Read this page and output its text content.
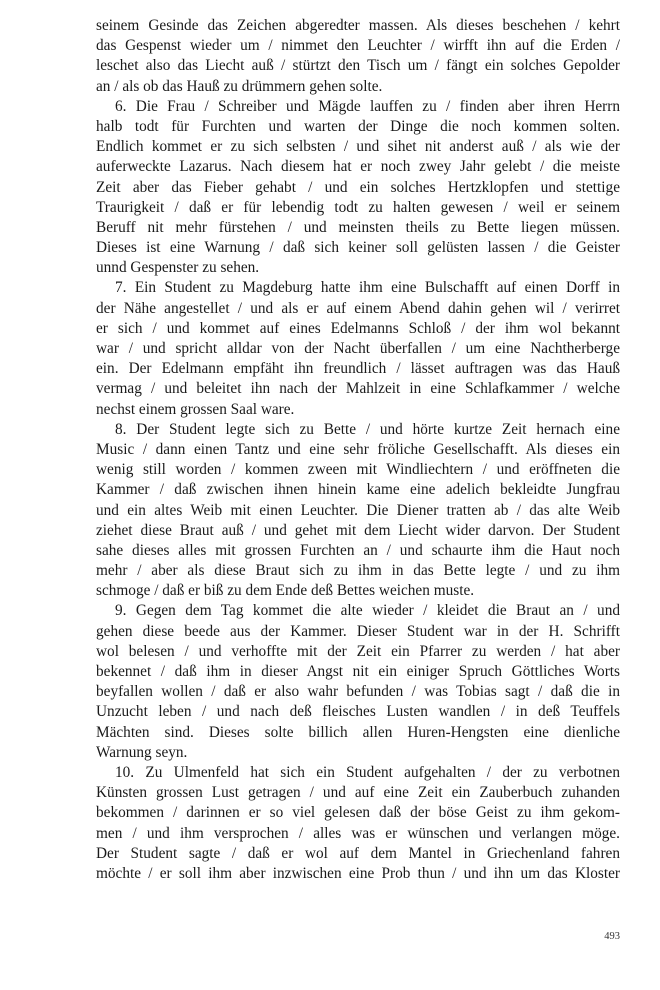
seinem Gesinde das Zeichen abgeredter massen. Als dieses beschehen / kehrt
das Gespenst wieder um / nimmet den Leuchter / wirfft ihn auf die Erden /
leschet also das Liecht auß / stürtzt den Tisch um / fängt ein solches Gepolder
an / als ob das Hauß zu drümmern gehen solte.
6. Die Frau / Schreiber und Mägde lauffen zu / finden aber ihren Herrn
halb todt für Furchten und warten der Dinge die noch kommen solten.
Endlich kommet er zu sich selbsten / und sihet nit anderst auß / als wie der
auferweckte Lazarus. Nach diesem hat er noch zwey Jahr gelebt / die meiste
Zeit aber das Fieber gehabt / und ein solches Hertzklopfen und stettige
Traurigkeit / daß er für lebendig todt zu halten gewesen / weil er seinem
Beruff nit mehr fürstehen / und meinsten theils zu Bette liegen müssen.
Dieses ist eine Warnung / daß sich keiner soll gelüsten lassen / die Geister
unnd Gespenster zu sehen.
7. Ein Student zu Magdeburg hatte ihm eine Bulschafft auf einen Dorff in
der Nähe angestellet / und als er auf einem Abend dahin gehen wil / verirret
er sich / und kommet auf eines Edelmanns Schloß / der ihm wol bekannt
war / und spricht alldar von der Nacht überfallen / um eine Nachtherberge
ein. Der Edelmann empfäht ihn freundlich / lässet auftragen was das Hauß
vermag / und beleitet ihn nach der Mahlzeit in eine Schlafkammer / welche
nechst einem grossen Saal ware.
8. Der Student legte sich zu Bette / und hörte kurtze Zeit hernach eine
Music / dann einen Tantz und eine sehr fröliche Gesellschafft. Als dieses ein
wenig still worden / kommen zween mit Windliechtern / und eröffneten die
Kammer / daß zwischen ihnen hinein kame eine adelich bekleidte Jungfrau
und ein altes Weib mit einen Leuchter. Die Diener tratten ab / das alte Weib
ziehet diese Braut auß / und gehet mit dem Liecht wider darvon. Der Student
sahe dieses alles mit grossen Furchten an / und schaurte ihm die Haut noch
mehr / aber als diese Braut sich zu ihm in das Bette legte / und zu ihm
schmoge / daß er biß zu dem Ende deß Bettes weichen muste.
9. Gegen dem Tag kommet die alte wieder / kleidet die Braut an / und
gehen diese beede aus der Kammer. Dieser Student war in der H. Schrifft
wol belesen / und verhoffte mit der Zeit ein Pfarrer zu werden / hat aber
bekennet / daß ihm in dieser Angst nit ein einiger Spruch Göttliches Worts
beyfallen wollen / daß er also wahr befunden / was Tobias sagt / daß die in
Unzucht leben / und nach deß fleisches Lusten wandlen / in deß Teuffels
Mächten sind. Dieses solte billich allen Huren-Hengsten eine dienliche
Warnung seyn.
10. Zu Ulmenfeld hat sich ein Student aufgehalten / der zu verbotnen
Künsten grossen Lust getragen / und auf eine Zeit ein Zauberbuch zuhanden
bekommen / darinnen er so viel gelesen daß der böse Geist zu ihm gekom-
men / und ihm versprochen / alles was er wünschen und verlangen möge.
Der Student sagte / daß er wol auf dem Mantel in Griechenland fahren
möchte / er soll ihm aber inzwischen eine Prob thun / und ihn um das Kloster
493
